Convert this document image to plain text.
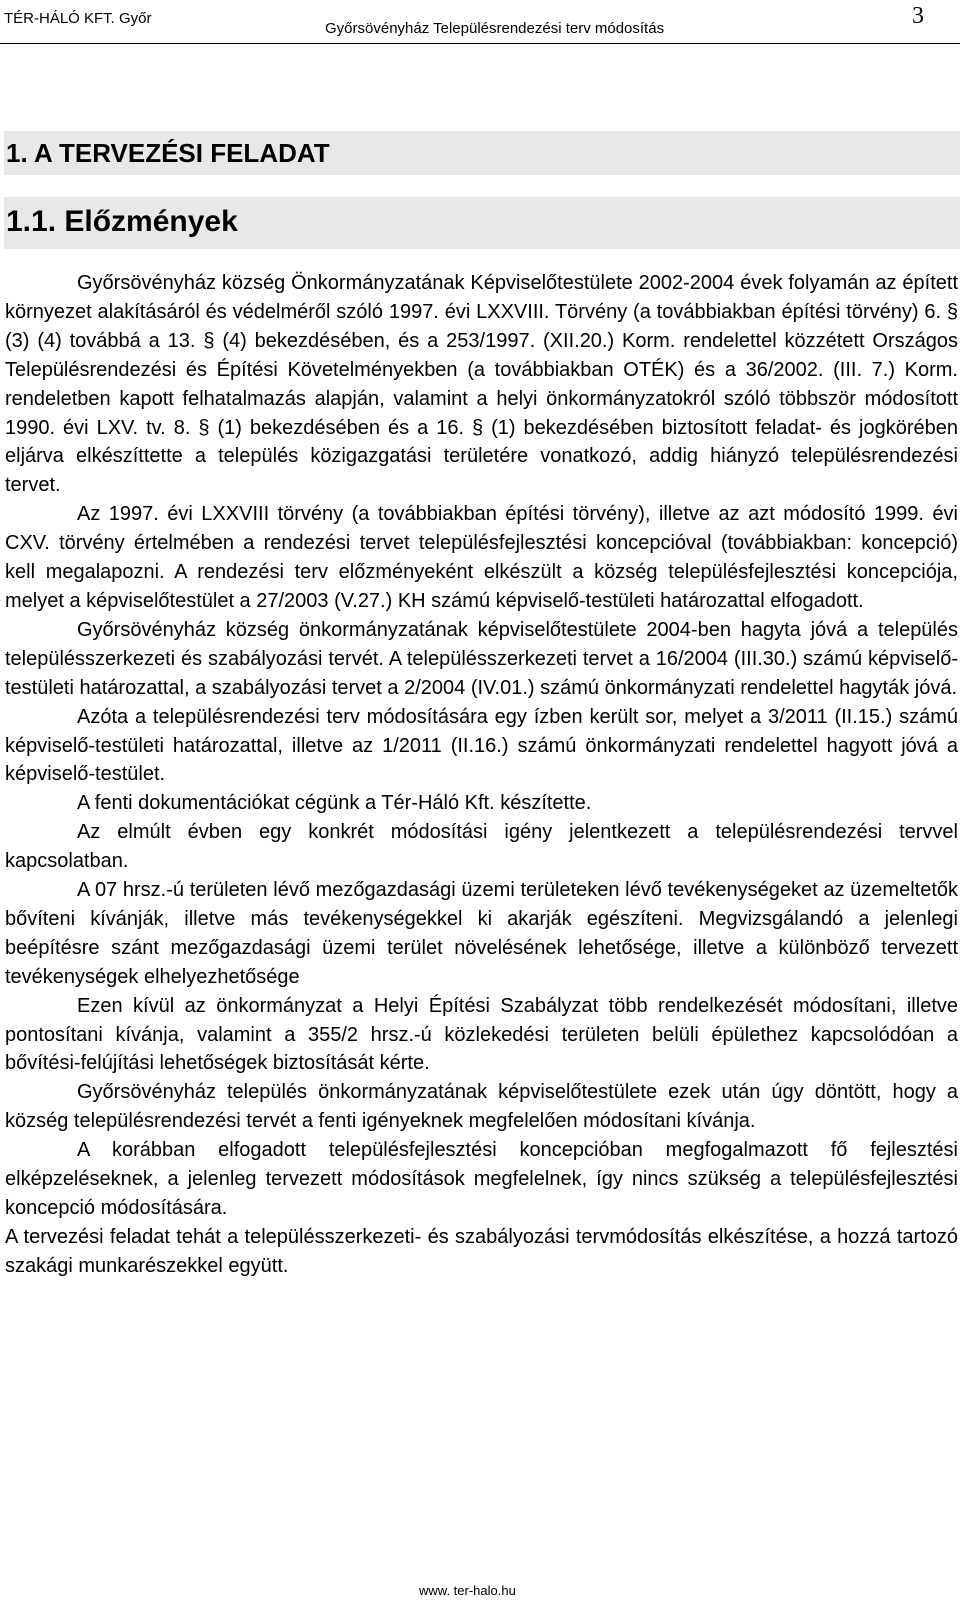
TÉR-HÁLÓ KFT. Győr
Győrsövényház Településrendezési terv módosítás	3
1. A TERVEZÉSI FELADAT
1.1. Előzmények

Győrsövényház község Önkormányzatának Képviselőtestülete 2002-2004 évek folyamán az épített környezet alakításáról és védelméről szóló 1997. évi LXXVIII. Törvény (a továbbiakban építési törvény) 6. § (3) (4) továbbá a 13. § (4) bekezdésében, és a 253/1997. (XII.20.) Korm. rendelettel közzétett Országos Településrendezési és Építési Követelményekben (a továbbiakban OTÉK) és a 36/2002. (III. 7.) Korm. rendeletben kapott felhatalmazás alapján, valamint a helyi önkormányzatokról szóló többször módosított 1990. évi LXV. tv. 8. § (1) bekezdésében és a 16. § (1) bekezdésében biztosított feladat- és jogkörében eljárva elkészíttette a település közigazgatási területére vonatkozó, addig hiányzó településrendezési tervet.

Az 1997. évi LXXVIII törvény (a továbbiakban építési törvény), illetve az azt módosító 1999. évi CXV. törvény értelmében a rendezési tervet településfejlesztési koncepcióval (továbbiakban: koncepció) kell megalapozni. A rendezési terv előzményeként elkészült a község településfejlesztési koncepciója, melyet a képviselőtestület a 27/2003 (V.27.) KH számú képviselő-testületi határozattal elfogadott.

Győrsövényház község önkormányzatának képviselőtestülete 2004-ben hagyta jóvá a település településszerkezeti és szabályozási tervét. A településszerkezeti tervet a 16/2004 (III.30.) számú képviselő-testületi határozattal, a szabályozási tervet a 2/2004 (IV.01.) számú önkormányzati rendelettel hagyták jóvá.

Azóta a településrendezési terv módosítására egy ízben került sor, melyet a 3/2011 (II.15.) számú képviselő-testületi határozattal, illetve az 1/2011 (II.16.) számú önkormányzati rendelettel hagyott jóvá a képviselő-testület.

A fenti dokumentációkat cégünk a Tér-Háló Kft. készítette.

Az elmúlt évben egy konkrét módosítási igény jelentkezett a településrendezési tervvel kapcsolatban.

A 07 hrsz.-ú területen lévő mezőgazdasági üzemi területeken lévő tevékenységeket az üzemeltetők bővíteni kívánják, illetve más tevékenységekkel ki akarják egészíteni. Megvizsgálandó a jelenlegi beépítésre szánt mezőgazdasági üzemi terület növelésének lehetősége, illetve a különböző tervezett tevékenységek elhelyezhetősége

Ezen kívül az önkormányzat a Helyi Építési Szabályzat több rendelkezését módosítani, illetve pontosítani kívánja, valamint a 355/2 hrsz.-ú közlekedési területen belüli épülethez kapcsolódóan a bővítési-felújítási lehetőségek biztosítását kérte.

Győrsövényház település önkormányzatának képviselőtestülete ezek után úgy döntött, hogy a község településrendezési tervét a fenti igényeknek megfelelően módosítani kívánja.

A korábban elfogadott településfejlesztési koncepcióban megfogalmazott fő fejlesztési elképzeléseknek, a jelenleg tervezett módosítások megfelelnek, így nincs szükség a településfejlesztési koncepció módosítására.

A tervezési feladat tehát a településszerkezeti- és szabályozási tervmódosítás elkészítése, a hozzá tartozó szakági munkarészekkel együtt.

www. ter-halo.hu
